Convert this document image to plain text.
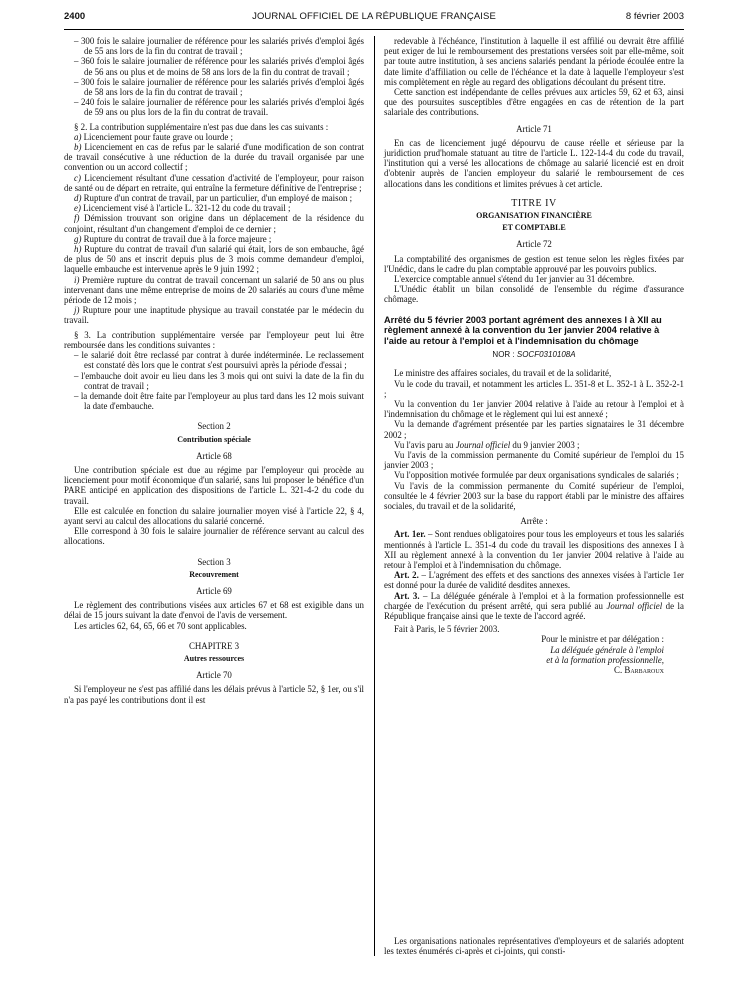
2400	JOURNAL OFFICIEL DE LA RÉPUBLIQUE FRANÇAISE	8 février 2003

– 300 fois le salaire journalier de référence pour les salariés privés d'emploi âgés de 55 ans lors de la fin du contrat de travail ;

– 360 fois le salaire journalier de référence pour les salariés privés d'emploi âgés de 56 ans ou plus et de moins de 58 ans lors de la fin du contrat de travail ;

– 300 fois le salaire journalier de référence pour les salariés privés d'emploi âgés de 58 ans lors de la fin du contrat de travail ;

– 240 fois le salaire journalier de référence pour les salariés privés d'emploi âgés de 59 ans ou plus lors de la fin du contrat de travail.

§ 2. La contribution supplémentaire n'est pas due dans les cas suivants :

a) Licenciement pour faute grave ou lourde ;

b) Licenciement en cas de refus par le salarié d'une modification de son contrat de travail consécutive à une réduction de la durée du travail organisée par une convention ou un accord collectif ;

c) Licenciement résultant d'une cessation d'activité de l'employeur, pour raison de santé ou de départ en retraite, qui entraîne la fermeture définitive de l'entreprise ;

d) Rupture d'un contrat de travail, par un particulier, d'un employé de maison ;

e) Licenciement visé à l'article L. 321-12 du code du travail ;

f) Démission trouvant son origine dans un déplacement de la résidence du conjoint, résultant d'un changement d'emploi de ce dernier ;

g) Rupture du contrat de travail due à la force majeure ;

h) Rupture du contrat de travail d'un salarié qui était, lors de son embauche, âgé de plus de 50 ans et inscrit depuis plus de 3 mois comme demandeur d'emploi, laquelle embauche est intervenue après le 9 juin 1992 ;

i) Première rupture du contrat de travail concernant un salarié de 50 ans ou plus intervenant dans une même entreprise de moins de 20 salariés au cours d'une même période de 12 mois ;

j) Rupture pour une inaptitude physique au travail constatée par le médecin du travail.

§ 3. La contribution supplémentaire versée par l'employeur peut lui être remboursée dans les conditions suivantes :

– le salarié doit être reclassé par contrat à durée indéterminée. Le reclassement est constaté dès lors que le contrat s'est poursuivi après la période d'essai ;

– l'embauche doit avoir eu lieu dans les 3 mois qui ont suivi la date de la fin du contrat de travail ;

– la demande doit être faite par l'employeur au plus tard dans les 12 mois suivant la date d'embauche.

Section 2
Contribution spéciale
Article 68

Une contribution spéciale est due au régime par l'employeur qui procède au licenciement pour motif économique d'un salarié, sans lui proposer le bénéfice d'un PARE anticipé en application des dispositions de l'article L. 321-4-2 du code du travail.

Elle est calculée en fonction du salaire journalier moyen visé à l'article 22, § 4, ayant servi au calcul des allocations du salarié concerné.

Elle correspond à 30 fois le salaire journalier de référence servant au calcul des allocations.

Section 3
Recouvrement
Article 69

Le règlement des contributions visées aux articles 67 et 68 est exigible dans un délai de 15 jours suivant la date d'envoi de l'avis de versement.

Les articles 62, 64, 65, 66 et 70 sont applicables.

CHAPITRE 3
Autres ressources
Article 70

Si l'employeur ne s'est pas affilié dans les délais prévus à l'article 52, § 1er, ou s'il n'a pas payé les contributions dont il est

redevable à l'échéance, l'institution à laquelle il est affilié ou devrait être affilié peut exiger de lui le remboursement des prestations versées soit par elle-même, soit par toute autre institution, à ses anciens salariés pendant la période écoulée entre la date limite d'affiliation ou celle de l'échéance et la date à laquelle l'employeur s'est mis complètement en règle au regard des obligations découlant du présent titre.

Cette sanction est indépendante de celles prévues aux articles 59, 62 et 63, ainsi que des poursuites susceptibles d'être engagées en cas de rétention de la part salariale des contributions.

Article 71

En cas de licenciement jugé dépourvu de cause réelle et sérieuse par la juridiction prud'homale statuant au titre de l'article L. 122-14-4 du code du travail, l'institution qui a versé les allocations de chômage au salarié licencié est en droit d'obtenir auprès de l'ancien employeur du salarié le remboursement de ces allocations dans les conditions et limites prévues à cet article.

TITRE IV
ORGANISATION FINANCIÈRE
ET COMPTABLE
Article 72

La comptabilité des organismes de gestion est tenue selon les règles fixées par l'Unédic, dans le cadre du plan comptable approuvé par les pouvoirs publics.

L'exercice comptable annuel s'étend du 1er janvier au 31 décembre.

L'Unédic établit un bilan consolidé de l'ensemble du régime d'assurance chômage.

Arrêté du 5 février 2003 portant agrément des annexes I à XII au règlement annexé à la convention du 1er janvier 2004 relative à l'aide au retour à l'emploi et à l'indemnisation du chômage

NOR : SOCF0310108A

Le ministre des affaires sociales, du travail et de la solidarité,

Vu le code du travail, et notamment les articles L. 351-8 et L. 352-1 à L. 352-2-1 ;

Vu la convention du 1er janvier 2004 relative à l'aide au retour à l'emploi et à l'indemnisation du chômage et le règlement qui lui est annexé ;

Vu la demande d'agrément présentée par les parties signataires le 31 décembre 2002 ;

Vu l'avis paru au Journal officiel du 9 janvier 2003 ;

Vu l'avis de la commission permanente du Comité supérieur de l'emploi du 15 janvier 2003 ;

Vu l'opposition motivée formulée par deux organisations syndicales de salariés ;

Vu l'avis de la commission permanente du Comité supérieur de l'emploi, consultée le 4 février 2003 sur la base du rapport établi par le ministre des affaires sociales, du travail et de la solidarité,

Arrête :

Art. 1er. – Sont rendues obligatoires pour tous les employeurs et tous les salariés mentionnés à l'article L. 351-4 du code du travail les dispositions des annexes I à XII au règlement annexé à la convention du 1er janvier 2004 relative à l'aide au retour à l'emploi et à l'indemnisation du chômage.

Art. 2. – L'agrément des effets et des sanctions des annexes visées à l'article 1er est donné pour la durée de validité desdites annexes.

Art. 3. – La déléguée générale à l'emploi et à la formation professionnelle est chargée de l'exécution du présent arrêté, qui sera publié au Journal officiel de la République française ainsi que le texte de l'accord agréé.

Fait à Paris, le 5 février 2003.

Pour le ministre et par délégation :

La déléguée générale à l'emploi

et à la formation professionnelle,

C. Barbaroux

Les organisations nationales représentatives d'employeurs et de salariés adoptent les textes énumérés ci-après et ci-joints, qui consti-
